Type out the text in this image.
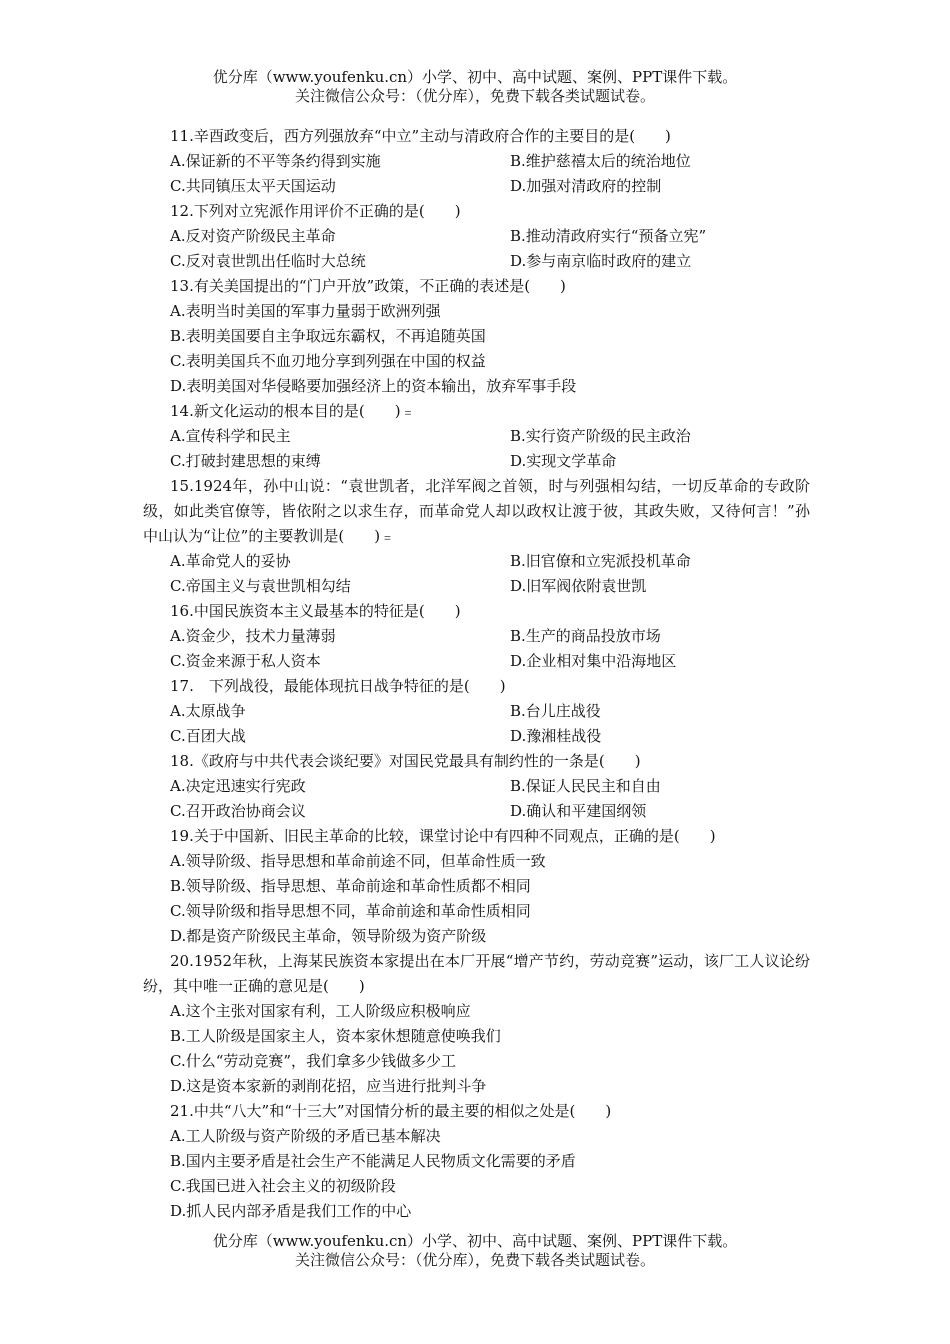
优分库（www.youfenku.cn）小学、初中、高中试题、案例、PPT课件下载。
关注微信公众号：（优分库），免费下载各类试题试卷。
11.辛酉政变后，西方列强放弃“中立”主动与清政府合作的主要目的是(　　)
A.保证新的不平等条约得到实施	B.维护慈禧太后的统治地位
C.共同镇压太平天国运动	D.加强对清政府的控制
12.下列对立宪派作用评价不正确的是(　　)
A.反对资产阶级民主革命	B.推动清政府实行“预备立宪”
C.反对袁世凯出任临时大总统	D.参与南京临时政府的建立
13.有关美国提出的“门户开放”政策，不正确的表述是(　　)
A.表明当时美国的军事力量弱于欧洲列强
B.表明美国要自主争取远东霸权，不再追随英国
C.表明美国兵不血刃地分享到列强在中国的权益
D.表明美国对华侵略要加强经济上的资本输出，放弃军事手段
14.新文化运动的根本目的是(　　)﹦
A.宣传科学和民主	B.实行资产阶级的民主政治
C.打破封建思想的束缚	D.实现文学革命
15.1924年，孙中山说：“袁世凯者，北洋军阀之首领，时与列强相勾结，一切反革命的专政阶级，如此类官僚等，皆依附之以求生存，而革命党人却以政权让渡于彼，其政失败，又待何言！”孙中山认为“让位”的主要教训是(　　)﹦
A.革命党人的妥协	B.旧官僚和立宪派投机革命
C.帝国主义与袁世凯相勾结	D.旧军阀依附袁世凯
16.中国民族资本主义最基本的特征是(　　)
A.资金少，技术力量薄弱	B.生产的商品投放市场
C.资金来源于私人资本	D.企业相对集中沿海地区
17.　下列战役，最能体现抗日战争特征的是(　　)
A.太原战争	B.台儿庄战役
C.百团大战	D.豫湘桂战役
18.《政府与中共代表会谈纪要》对国民党最具有制约性的一条是(　　)
A.决定迅速实行宪政	B.保证人民民主和自由
C.召开政治协商会议	D.确认和平建国纲领
19.关于中国新、旧民主革命的比较，课堂讨论中有四种不同观点，正确的是(　　)
A.领导阶级、指导思想和革命前途不同，但革命性质一致
B.领导阶级、指导思想、革命前途和革命性质都不相同
C.领导阶级和指导思想不同，革命前途和革命性质相同
D.都是资产阶级民主革命，领导阶级为资产阶级
20.1952年秋，上海某民族资本家提出在本厂开展“增产节约，劳动竞赛”运动，该厂工人议论纷纷，其中唯一正确的意见是(　　)
A.这个主张对国家有利，工人阶级应积极响应
B.工人阶级是国家主人，资本家休想随意使唤我们
C.什么“劳动竞赛”，我们拿多少钱做多少工
D.这是资本家新的剥削花招，应当进行批判斗争
21.中共“八大”和“十三大”对国情分析的最主要的相似之处是(　　)
A.工人阶级与资产阶级的矛盾已基本解决
B.国内主要矛盾是社会生产不能满足人民物质文化需要的矛盾
C.我国已进入社会主义的初级阶段
D.抓人民内部矛盾是我们工作的中心
优分库（www.youfenku.cn）小学、初中、高中试题、案例、PPT课件下载。
关注微信公众号：（优分库），免费下载各类试题试卷。
